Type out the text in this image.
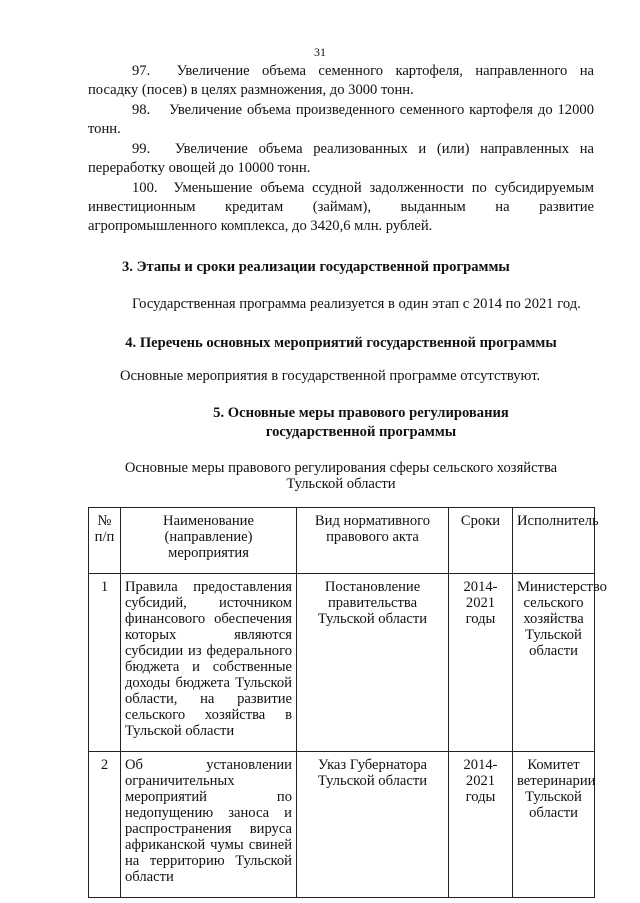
31

97. Увеличение объема семенного картофеля, направленного на посадку (посев) в целях размножения, до 3000 тонн.

98. Увеличение объема произведенного семенного картофеля до 12000 тонн.

99. Увеличение объема реализованных и (или) направленных на переработку овощей до 10000 тонн.

100. Уменьшение объема ссудной задолженности по субсидируемым инвестиционным кредитам (займам), выданным на развитие агропромышленного комплекса, до 3420,6 млн. рублей.

3. Этапы и сроки реализации государственной программы

Государственная программа реализуется в один этап с 2014 по 2021 год.

4. Перечень основных мероприятий государственной программы

Основные мероприятия в государственной программе отсутствуют.

5. Основные меры правового регулирования
государственной программы

Основные меры правового регулирования сферы сельского хозяйства
Тульской области

№ п/п	Наименование (направление) мероприятия	Вид нормативного правового акта	Сроки	Исполнитель
1	Правила предоставления субсидий, источником финансового обеспечения которых являются субсидии из федерального бюджета и собственные доходы бюджета Тульской области, на развитие сельского хозяйства в Тульской области	Постановление правительства Тульской области	2014-2021 годы	Министерство сельского хозяйства Тульской области
2	Об установлении ограничительных мероприятий по недопущению заноса и распространения вируса африканской чумы свиней на территорию Тульской области	Указ Губернатора Тульской области	2014-2021 годы	Комитет ветеринарии Тульской области
